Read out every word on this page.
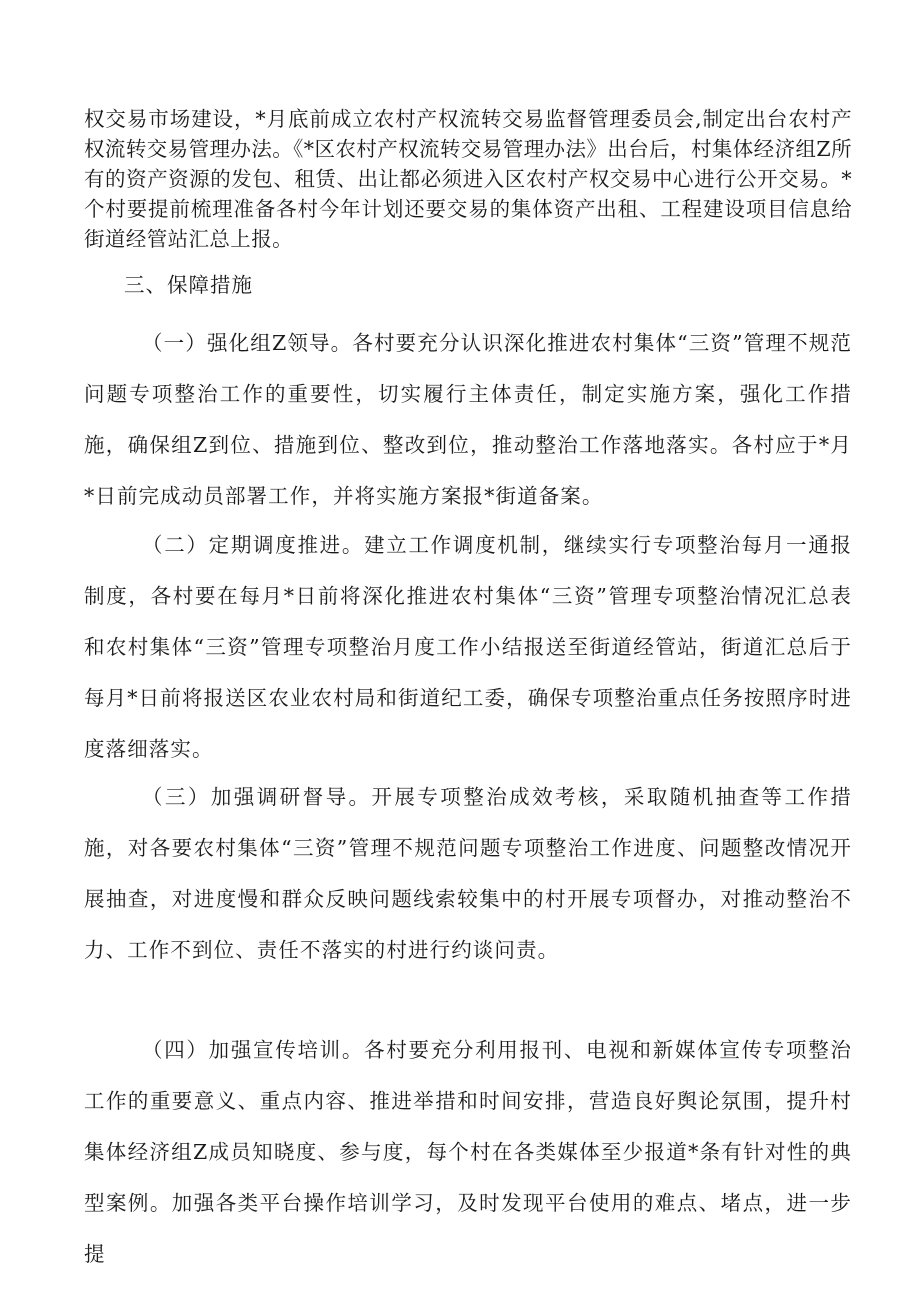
权交易市场建设，*月底前成立农村产权流转交易监督管理委员会,制定出台农村产权流转交易管理办法。《*区农村产权流转交易管理办法》出台后，村集体经济组Z所有的资产资源的发包、租赁、出让都必须进入区农村产权交易中心进行公开交易。*个村要提前梳理准备各村今年计划还要交易的集体资产出租、工程建设项目信息给街道经管站汇总上报。

三、保障措施

（一）强化组Z领导。各村要充分认识深化推进农村集体“三资”管理不规范问题专项整治工作的重要性，切实履行主体责任，制定实施方案，强化工作措施，确保组Z到位、措施到位、整改到位，推动整治工作落地落实。各村应于*月*日前完成动员部署工作，并将实施方案报*街道备案。

（二）定期调度推进。建立工作调度机制，继续实行专项整治每月一通报制度，各村要在每月*日前将深化推进农村集体“三资”管理专项整治情况汇总表和农村集体“三资”管理专项整治月度工作小结报送至街道经管站，街道汇总后于每月*日前将报送区农业农村局和街道纪工委，确保专项整治重点任务按照序时进度落细落实。

（三）加强调研督导。开展专项整治成效考核，采取随机抽查等工作措施，对各要农村集体“三资”管理不规范问题专项整治工作进度、问题整改情况开展抽查，对进度慢和群众反映问题线索较集中的村开展专项督办，对推动整治不力、工作不到位、责任不落实的村进行约谈问责。

（四）加强宣传培训。各村要充分利用报刊、电视和新媒体宣传专项整治工作的重要意义、重点内容、推进举措和时间安排，营造良好舆论氛围，提升村集体经济组Z成员知晓度、参与度，每个村在各类媒体至少报道*条有针对性的典型案例。加强各类平台操作培训学习，及时发现平台使用的难点、堵点，进一步提
